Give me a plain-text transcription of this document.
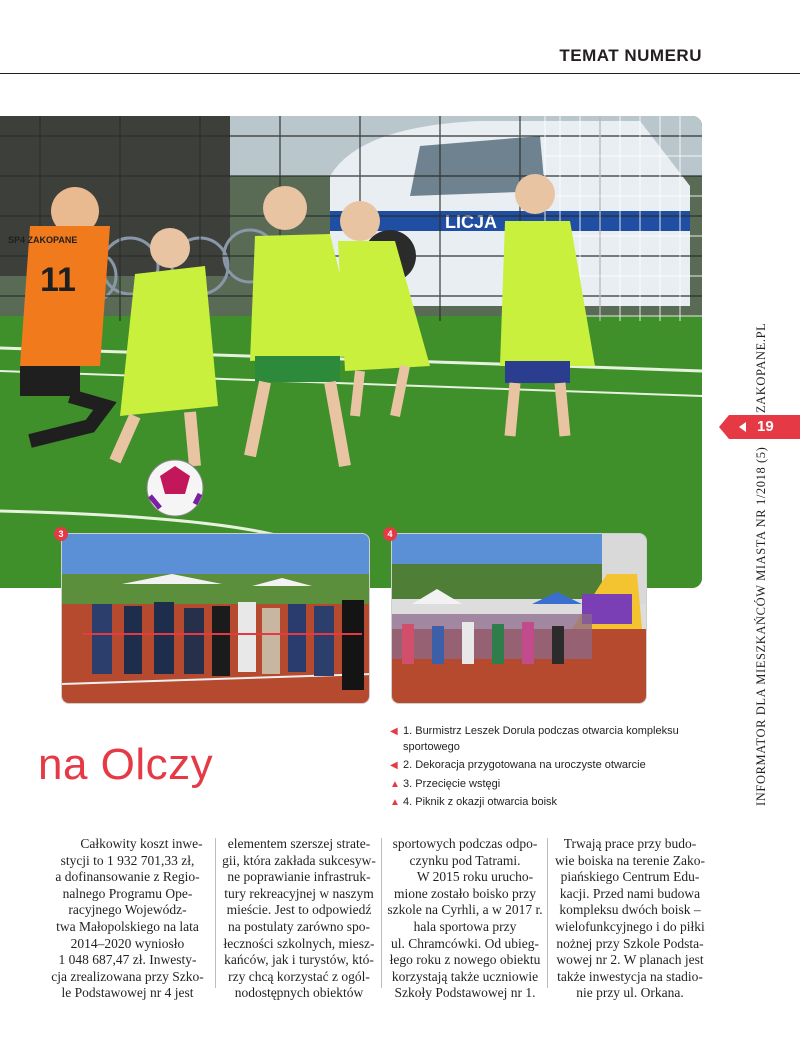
TEMAT NUMERU
LICJA
SP4 ZAKOPANE
11
INFORMATOR DLA MIESZKAŃCÓW MIASTA NR 1/2018 (5)  ZAKOPANE.PL
19
3	4
na Olczy
◀ 1. Burmistrz Leszek Dorula podczas otwarcia kompleksu sportowego
◀ 2. Dekoracja przygotowana na uroczyste otwarcie
▲ 3. Przecięcie wstęgi
▲ 4. Piknik z okazji otwarcia boisk
Całkowity koszt inwe-
stycji to 1 932 701,33 zł,
a dofinansowanie z Regio-
nalnego Programu Ope-
racyjnego Wojewódz-
twa Małopolskiego na lata
2014–2020 wyniosło
1 048 687,47 zł. Inwesty-
cja zrealizowana przy Szko-
le Podstawowej nr 4 jest
elementem szerszej strate-
gii, która zakłada sukcesyw-
ne poprawianie infrastruk-
tury rekreacyjnej w naszym
mieście. Jest to odpowiedź
na postulaty zarówno spo-
łeczności szkolnych, miesz-
kańców, jak i turystów, któ-
rzy chcą korzystać z ogól-
nodostępnych obiektów
sportowych podczas odpo-
czynku pod Tatrami.
W 2015 roku urucho-
mione zostało boisko przy
szkole na Cyrhli, a w 2017 r.
hala sportowa przy
ul. Chramcówki. Od ubieg-
łego roku z nowego obiektu
korzystają także uczniowie
Szkoły Podstawowej nr 1.
Trwają prace przy budo-
wie boiska na terenie Zako-
piańskiego Centrum Edu-
kacji. Przed nami budowa
kompleksu dwóch boisk –
wielofunkcyjnego i do piłki
nożnej przy Szkole Podsta-
wowej nr 2. W planach jest
także inwestycja na stadio-
nie przy ul. Orkana.
